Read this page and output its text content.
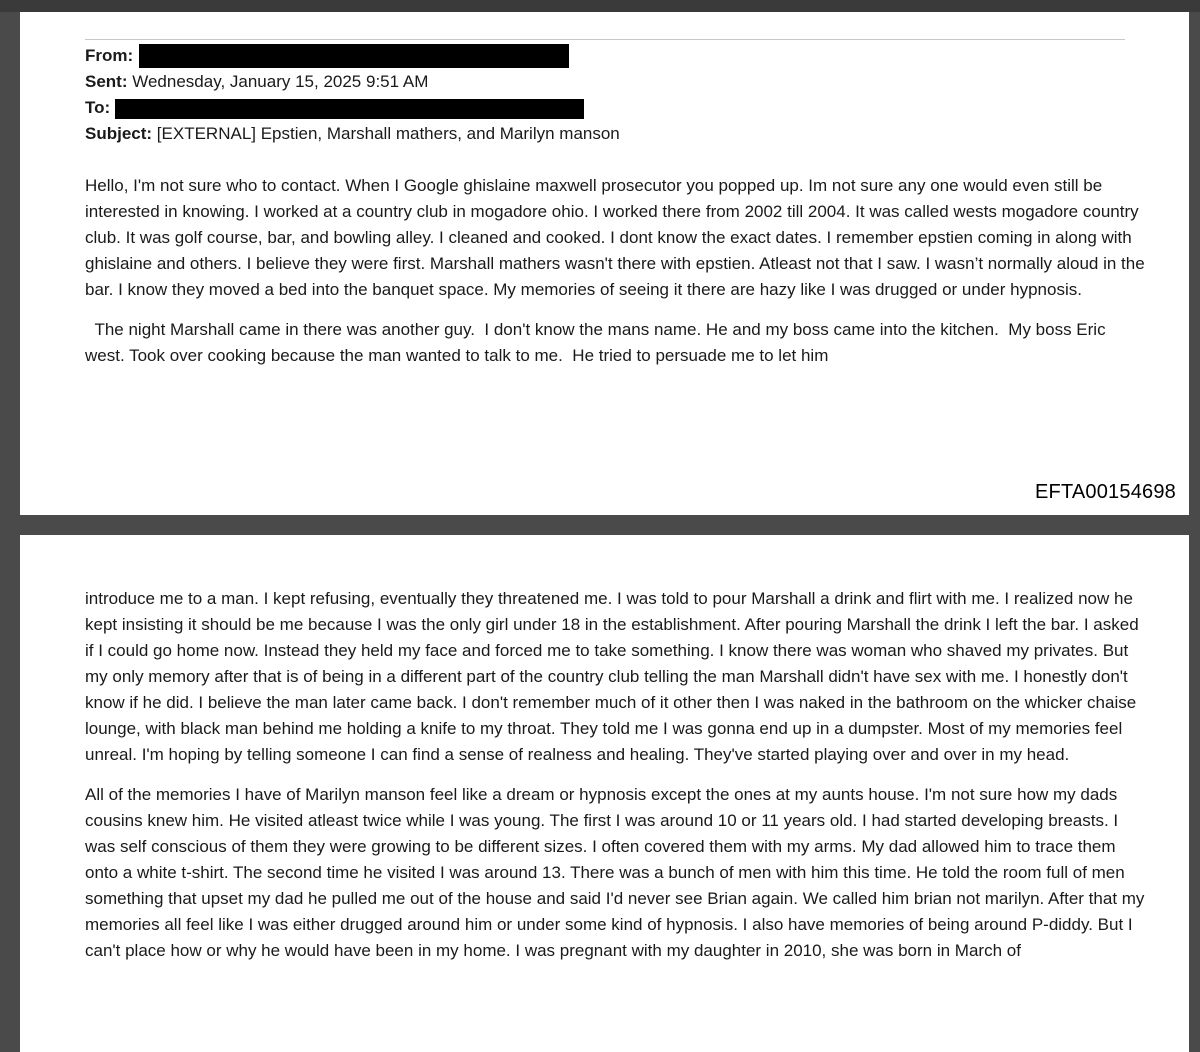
From:
Sent: Wednesday, January 15, 2025 9:51 AM
To:
Subject: [EXTERNAL] Epstien, Marshall mathers, and Marilyn manson

Hello, I'm not sure who to contact. When I Google ghislaine maxwell prosecutor you popped up. Im not sure any one would even still be interested in knowing. I worked at a country club in mogadore ohio. I worked there from 2002 till 2004. It was called wests mogadore country club. It was golf course, bar, and bowling alley. I cleaned and cooked. I dont know the exact dates. I remember epstien coming in along with ghislaine and others. I believe they were first. Marshall mathers wasn't there with epstien. Atleast not that I saw. I wasn’t normally aloud in the bar. I know they moved a bed into the banquet space. My memories of seeing it there are hazy like I was drugged or under hypnosis.

The night Marshall came in there was another guy.  I don't know the mans name. He and my boss came into the kitchen.  My boss Eric west. Took over cooking because the man wanted to talk to me.  He tried to persuade me to let him

EFTA00154698

introduce me to a man. I kept refusing, eventually they threatened me. I was told to pour Marshall a drink and flirt with me. I realized now he kept insisting it should be me because I was the only girl under 18 in the establishment. After pouring Marshall the drink I left the bar. I asked if I could go home now. Instead they held my face and forced me to take something. I know there was woman who shaved my privates. But my only memory after that is of being in a different part of the country club telling the man Marshall didn't have sex with me. I honestly don't know if he did. I believe the man later came back. I don't remember much of it other then I was naked in the bathroom on the whicker chaise lounge, with black man behind me holding a knife to my throat. They told me I was gonna end up in a dumpster. Most of my memories feel unreal. I'm hoping by telling someone I can find a sense of realness and healing. They've started playing over and over in my head.

All of the memories I have of Marilyn manson feel like a dream or hypnosis except the ones at my aunts house. I'm not sure how my dads cousins knew him. He visited atleast twice while I was young. The first I was around 10 or 11 years old. I had started developing breasts. I was self conscious of them they were growing to be different sizes. I often covered them with my arms. My dad allowed him to trace them onto a white t-shirt. The second time he visited I was around 13. There was a bunch of men with him this time. He told the room full of men something that upset my dad he pulled me out of the house and said I'd never see Brian again. We called him brian not marilyn. After that my memories all feel like I was either drugged around him or under some kind of hypnosis. I also have memories of being around P-diddy. But I can't place how or why he would have been in my home. I was pregnant with my daughter in 2010, she was born in March of
